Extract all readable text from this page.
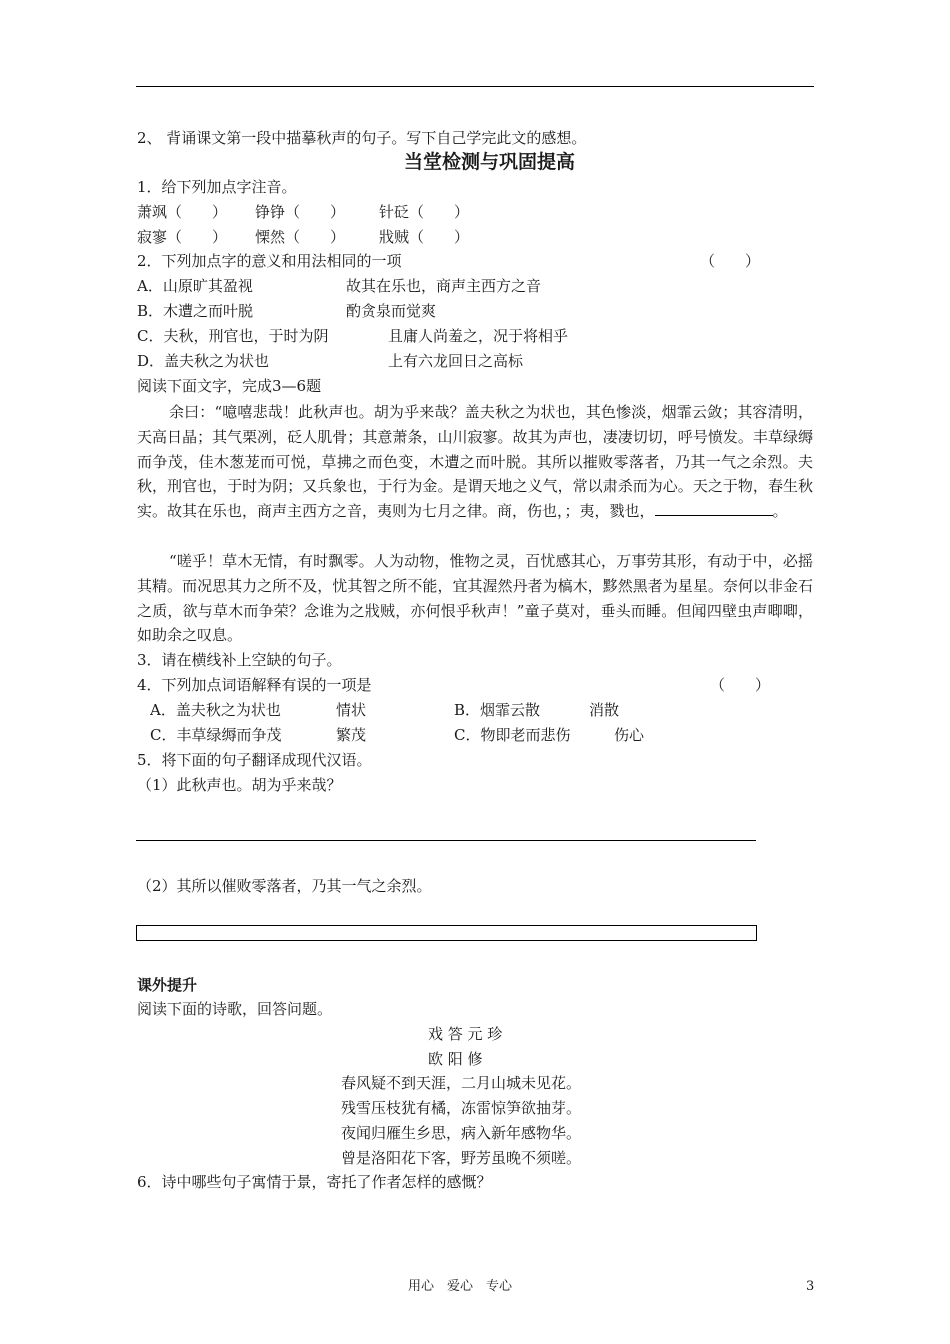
2、 背诵课文第一段中描摹秋声的句子。写下自己学完此文的感想。
当堂检测与巩固提高
1．给下列加点字注音。
萧飒（　　） 铮铮（　　） 针砭（　　）
寂寥（　　） 慄然（　　） 戕贼（　　）
2．下列加点字的意义和用法相同的一项	（　　）
A．山原旷其盈视	故其在乐也，商声主西方之音
B．木遭之而叶脱	酌贪泉而觉爽
C．夫秋，刑官也，于时为阴	且庸人尚羞之，况于将相乎
D．盖夫秋之为状也	上有六龙回日之高标
阅读下面文字，完成3—6题
余曰：“噫嘻悲哉！此秋声也。胡为乎来哉？盖夫秋之为状也，其色惨淡，烟霏云敛；其容清明，天高日晶；其气栗冽，砭人肌骨；其意萧条，山川寂寥。故其为声也，凄凄切切，呼号愤发。丰草绿缛而争茂，佳木葱茏而可悦，草拂之而色变，木遭之而叶脱。其所以摧败零落者，乃其一气之余烈。夫秋，刑官也，于时为阴；又兵象也，于行为金。是谓天地之义气，常以肃杀而为心。天之于物，春生秋实。故其在乐也，商声主西方之音，夷则为七月之律。商，伤也，；夷，戮也，	。
“嗟乎！草木无情，有时飘零。人为动物，惟物之灵，百忧感其心，万事劳其形，有动于中，必摇其精。而况思其力之所不及，忧其智之所不能，宜其渥然丹者为槁木，黟然黑者为星星。奈何以非金石之质，欲与草木而争荣？念谁为之戕贼，亦何恨乎秋声！”童子莫对，垂头而睡。但闻四壁虫声唧唧，如助余之叹息。
3．请在横线补上空缺的句子。
4．下列加点词语解释有误的一项是	（　　）
A．盖夫秋之为状也	情状	B．烟霏云散	消散
C．丰草绿缛而争茂	繁茂	C．物即老而悲伤	伤心
5．将下面的句子翻译成现代汉语。
（1）此秋声也。胡为乎来哉？
（2）其所以催败零落者，乃其一气之余烈。
课外提升
阅读下面的诗歌，回答问题。
戏 答 元 珍
欧 阳 修
春风疑不到天涯，二月山城未见花。
残雪压枝犹有橘，冻雷惊笋欲抽芽。
夜闻归雁生乡思，病入新年感物华。
曾是洛阳花下客，野芳虽晚不须嗟。
6．诗中哪些句子寓情于景，寄托了作者怎样的感慨？
用心　爱心　专心	3
